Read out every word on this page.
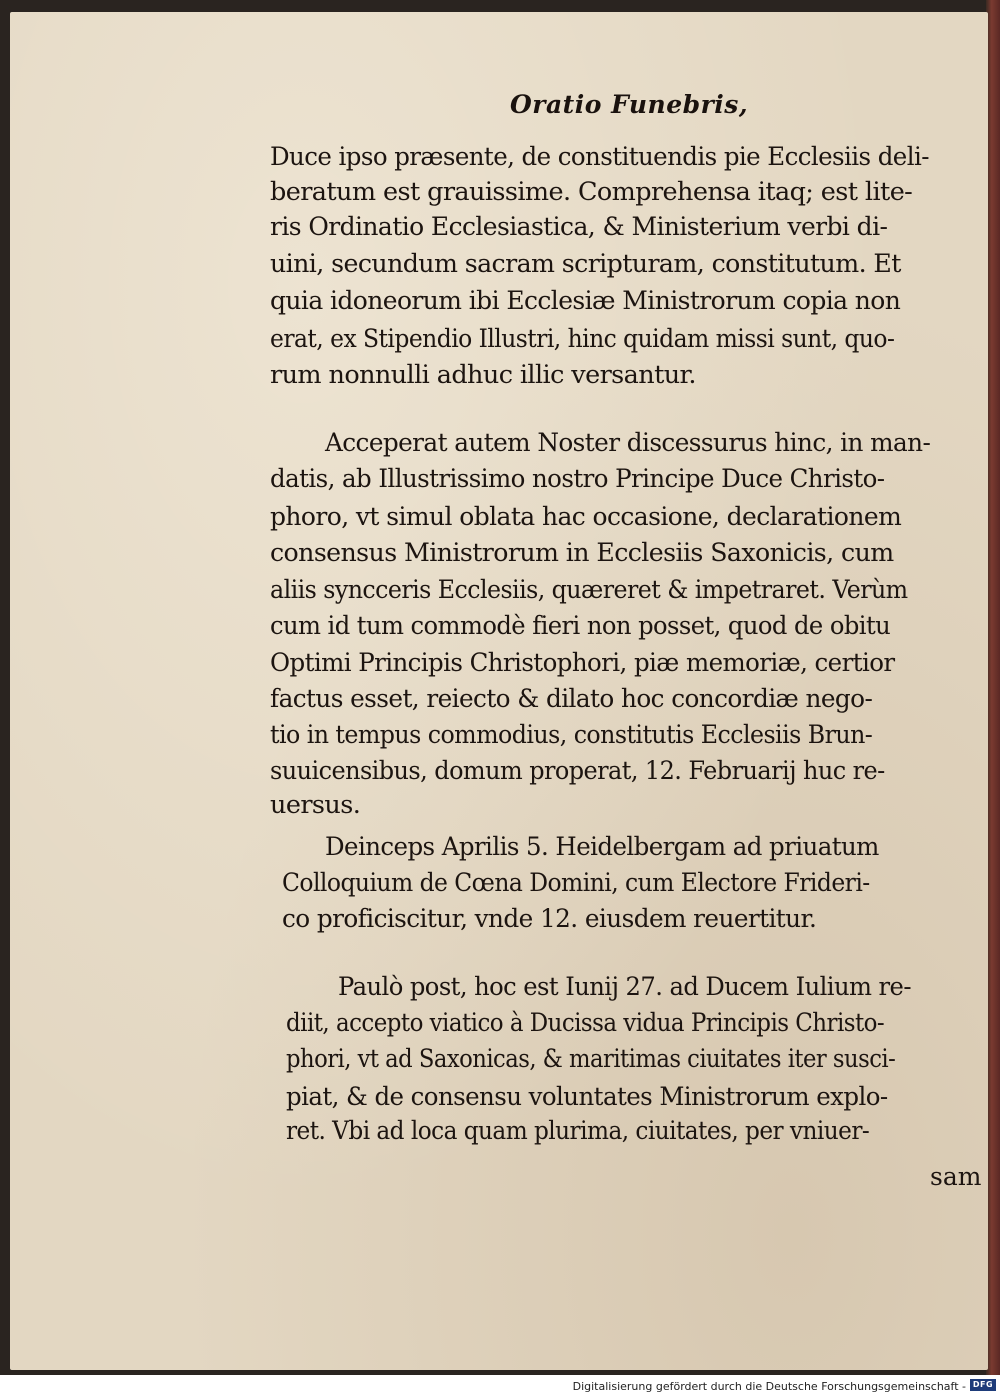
Oratio Funebris,
Duce ipso præsente, de constituendis pie Ecclesiis deli-
beratum est grauissime. Comprehensa itaq; est lite-
ris Ordinatio Ecclesiastica, & Ministerium verbi di-
uini, secundum sacram scripturam, constitutum. Et
quia idoneorum ibi Ecclesiæ Ministrorum copia non
erat, ex Stipendio Illustri, hinc quidam missi sunt, quo-
rum nonnulli adhuc illic versantur.
Acceperat autem Noster discessurus hinc, in man-
datis, ab Illustrissimo nostro Principe Duce Christo-
phoro, vt simul oblata hac occasione, declarationem
consensus Ministrorum in Ecclesiis Saxonicis, cum
aliis syncceris Ecclesiis, quæreret & impetraret. Verùm
cum id tum commodè fieri non posset, quod de obitu
Optimi Principis Christophori, piæ memoriæ, certior
factus esset, reiecto & dilato hoc concordiæ nego-
tio in tempus commodius, constitutis Ecclesiis Brun-
suuicensibus, domum properat, 12. Februarij huc re-
uersus.
Deinceps Aprilis 5. Heidelbergam ad priuatum
Colloquium de Cœna Domini, cum Electore Frideri-
co proficiscitur, vnde 12. eiusdem reuertitur.
Paulò post, hoc est Iunij 27. ad Ducem Iulium re-
diit, accepto viatico à Ducissa vidua Principis Christo-
phori, vt ad Saxonicas, & maritimas ciuitates iter susci-
piat, & de consensu voluntates Ministrorum explo-
ret. Vbi ad loca quam plurima, ciuitates, per vniuer-
sam
Digitalisierung gefördert durch die Deutsche Forschungsgemeinschaft - DFG
